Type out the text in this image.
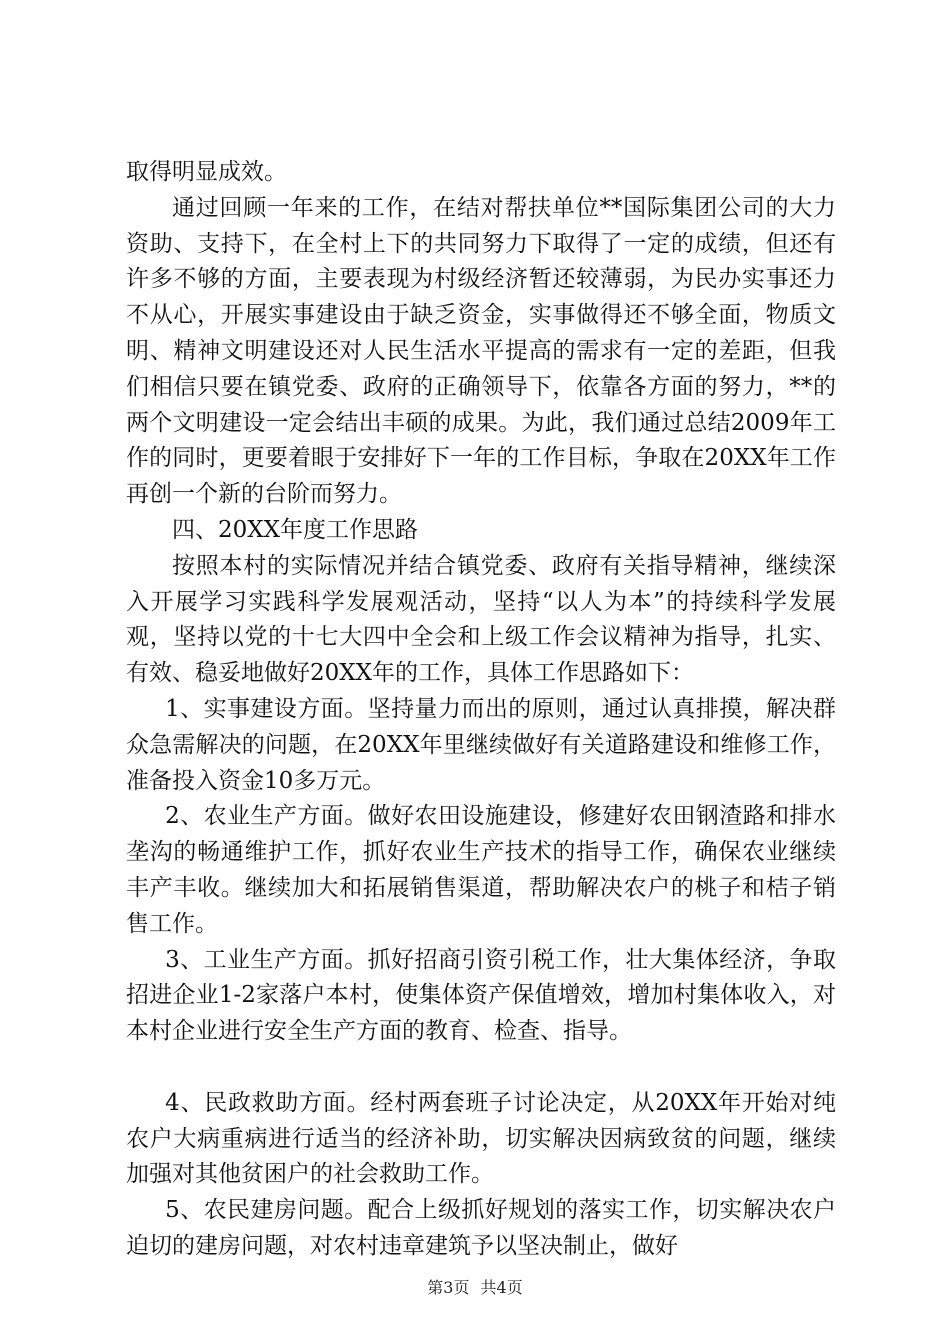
取得明显成效。

通过回顾一年来的工作，在结对帮扶单位**国际集团公司的大力资助、支持下，在全村上下的共同努力下取得了一定的成绩，但还有许多不够的方面，主要表现为村级经济暂还较薄弱，为民办实事还力不从心，开展实事建设由于缺乏资金，实事做得还不够全面，物质文明、精神文明建设还对人民生活水平提高的需求有一定的差距，但我们相信只要在镇党委、政府的正确领导下，依靠各方面的努力，**的两个文明建设一定会结出丰硕的成果。为此，我们通过总结2009年工作的同时，更要着眼于安排好下一年的工作目标，争取在20XX年工作再创一个新的台阶而努力。

四、20XX年度工作思路

按照本村的实际情况并结合镇党委、政府有关指导精神，继续深入开展学习实践科学发展观活动，坚持“以人为本”的持续科学发展观，坚持以党的十七大四中全会和上级工作会议精神为指导，扎实、有效、稳妥地做好20XX年的工作，具体工作思路如下：

1、实事建设方面。坚持量力而出的原则，通过认真排摸，解决群众急需解决的问题，在20XX年里继续做好有关道路建设和维修工作，准备投入资金10多万元。

2、农业生产方面。做好农田设施建设，修建好农田钢渣路和排水垄沟的畅通维护工作，抓好农业生产技术的指导工作，确保农业继续丰产丰收。继续加大和拓展销售渠道，帮助解决农户的桃子和桔子销售工作。

3、工业生产方面。抓好招商引资引税工作，壮大集体经济，争取招进企业1-2家落户本村，使集体资产保值增效，增加村集体收入，对本村企业进行安全生产方面的教育、检查、指导。

4、民政救助方面。经村两套班子讨论决定，从20XX年开始对纯农户大病重病进行适当的经济补助，切实解决因病致贫的问题，继续加强对其他贫困户的社会救助工作。

5、农民建房问题。配合上级抓好规划的落实工作，切实解决农户迫切的建房问题，对农村违章建筑予以坚决制止，做好

第3页 共4页
